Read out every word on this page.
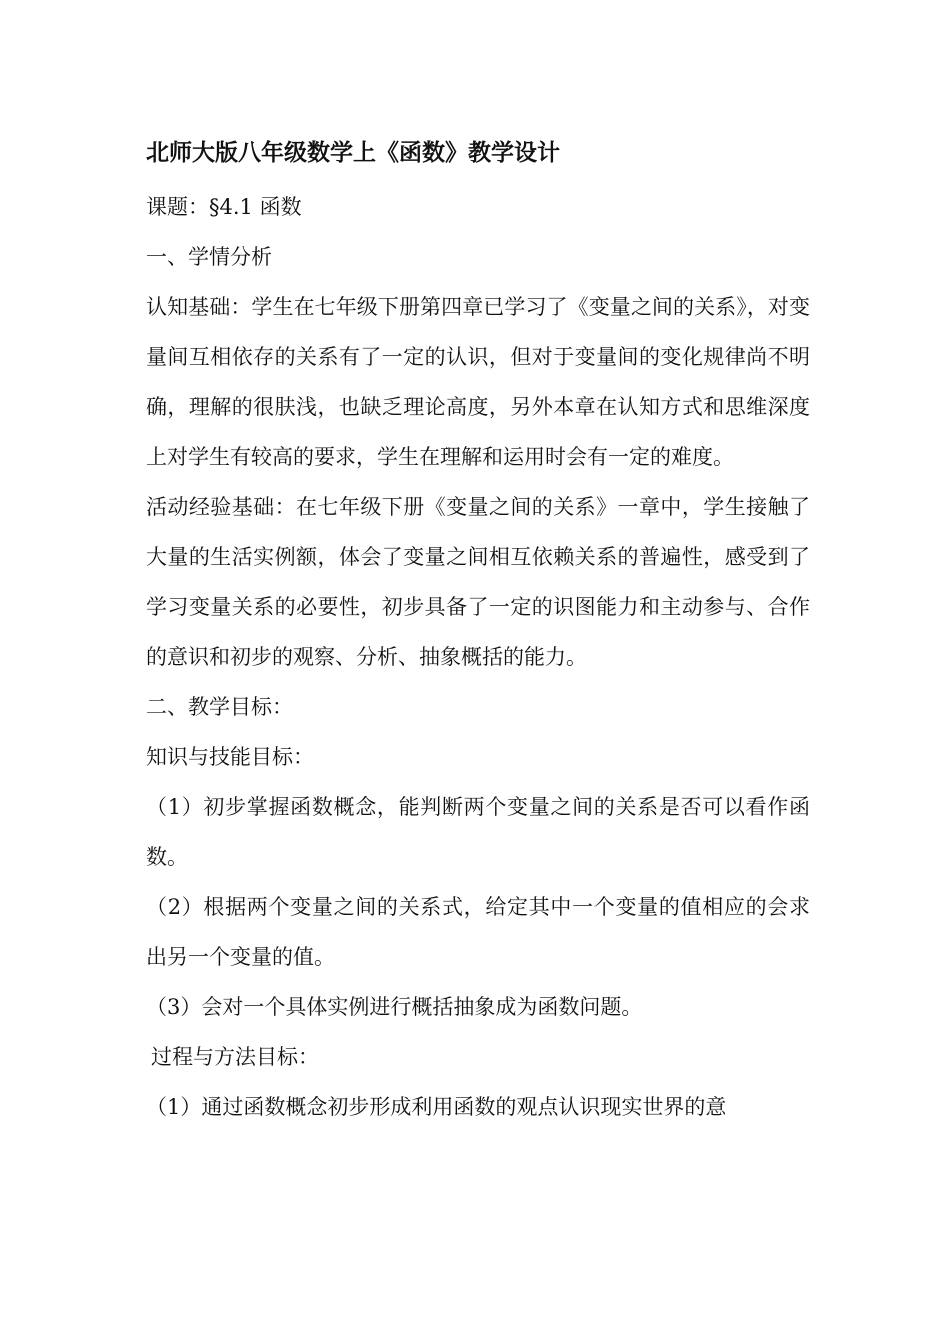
北师大版八年级数学上《函数》教学设计

课题：§4.1 函数

一、学情分析

认知基础：学生在七年级下册第四章已学习了《变量之间的关系》，对变量间互相依存的关系有了一定的认识，但对于变量间的变化规律尚不明确，理解的很肤浅，也缺乏理论高度，另外本章在认知方式和思维深度上对学生有较高的要求，学生在理解和运用时会有一定的难度。

活动经验基础：在七年级下册《变量之间的关系》一章中，学生接触了大量的生活实例额，体会了变量之间相互依赖关系的普遍性，感受到了学习变量关系的必要性，初步具备了一定的识图能力和主动参与、合作的意识和初步的观察、分析、抽象概括的能力。

二、教学目标：

知识与技能目标：

（1）初步掌握函数概念，能判断两个变量之间的关系是否可以看作函数。

（2）根据两个变量之间的关系式，给定其中一个变量的值相应的会求出另一个变量的值。

（3）会对一个具体实例进行概括抽象成为函数问题。

过程与方法目标：

（1）通过函数概念初步形成利用函数的观点认识现实世界的意
